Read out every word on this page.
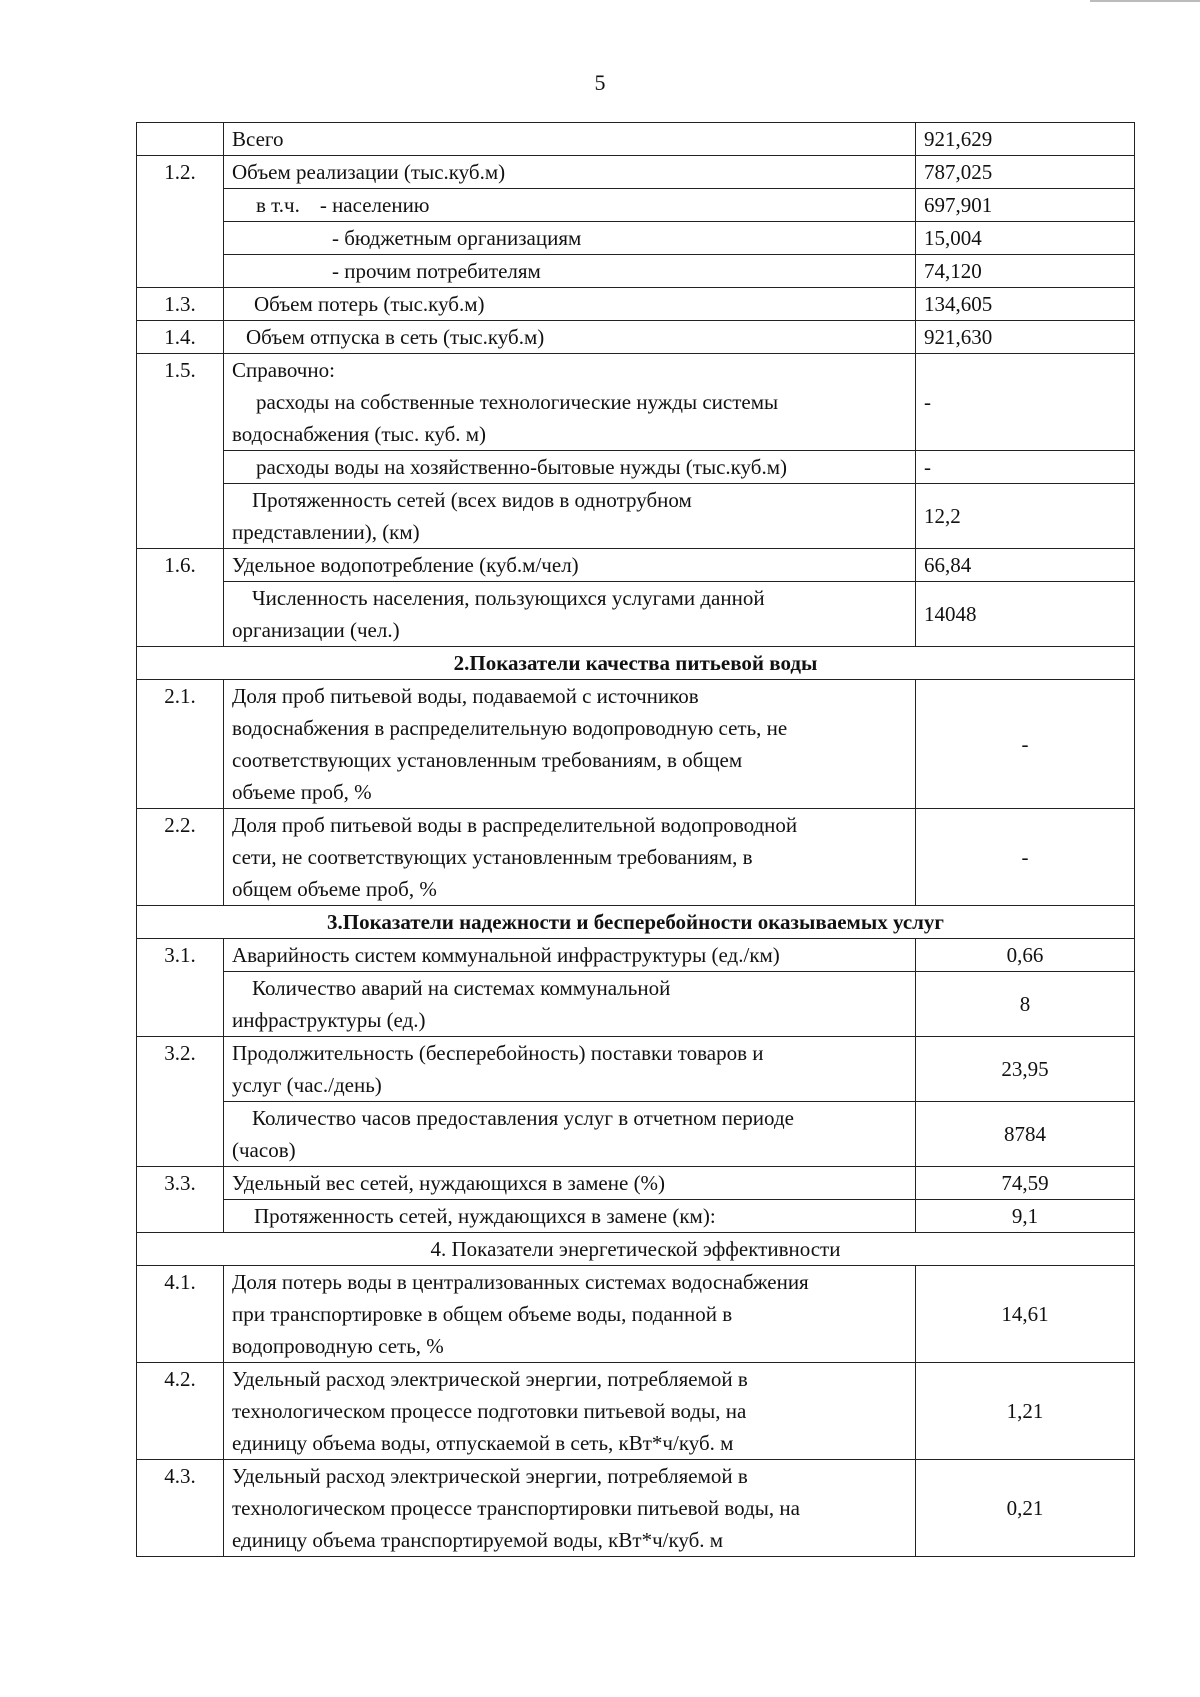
5
	Всего	921,629
1.2.	Объем реализации (тыс.куб.м)	787,025
	в т.ч. - населению	697,901
	- бюджетным организациям	15,004
	- прочим потребителям	74,120
1.3.	Объем потерь (тыс.куб.м)	134,605
1.4.	Объем отпуска в сеть (тыс.куб.м)	921,630
1.5.	Справочно:
расходы на собственные технологические нужды системы
водоснабжения (тыс. куб. м)	-
	расходы воды на хозяйственно-бытовые нужды (тыс.куб.м)	-

	Протяженность сетей (всех видов в однотрубном
представлении), (км)	12,2
1.6.	Удельное водопотребление (куб.м/чел)	66,84

	Численность населения, пользующихся услугами данной
организации (чел.)	14048
2.Показатели качества питьевой воды		
2.1.	Доля проб питьевой воды, подаваемой с источников
водоснабжения в распределительную водопроводную сеть, не
соответствующих установленным требованиям, в общем
объеме проб, %	-
2.2.	Доля проб питьевой воды в распределительной водопроводной
сети, не соответствующих установленным требованиям, в
общем объеме проб, %	-
3.Показатели надежности и бесперебойности оказываемых услуг		
3.1.	Аварийность систем коммунальной инфраструктуры (ед./км)	0,66

	Количество аварий на системах коммунальной
инфраструктуры (ед.)	8
3.2.	Продолжительность (бесперебойность) поставки товаров и
услуг (час./день)	23,95

	Количество часов предоставления услуг в отчетном периоде
(часов)	8784
3.3.	Удельный вес сетей, нуждающихся в замене (%)	74,59
	Протяженность сетей, нуждающихся в замене (км):	9,1
4. Показатели энергетической эффективности		
4.1.	Доля потерь воды в централизованных системах водоснабжения
при транспортировке в общем объеме воды, поданной в
водопроводную сеть, %	14,61
4.2.	Удельный расход электрической энергии, потребляемой в
технологическом процессе подготовки питьевой воды, на
единицу объема воды, отпускаемой в сеть, кВт*ч/куб. м	1,21
4.3.	Удельный расход электрической энергии, потребляемой в
технологическом процессе транспортировки питьевой воды, на
единицу объема транспортируемой воды, кВт*ч/куб. м	0,21
